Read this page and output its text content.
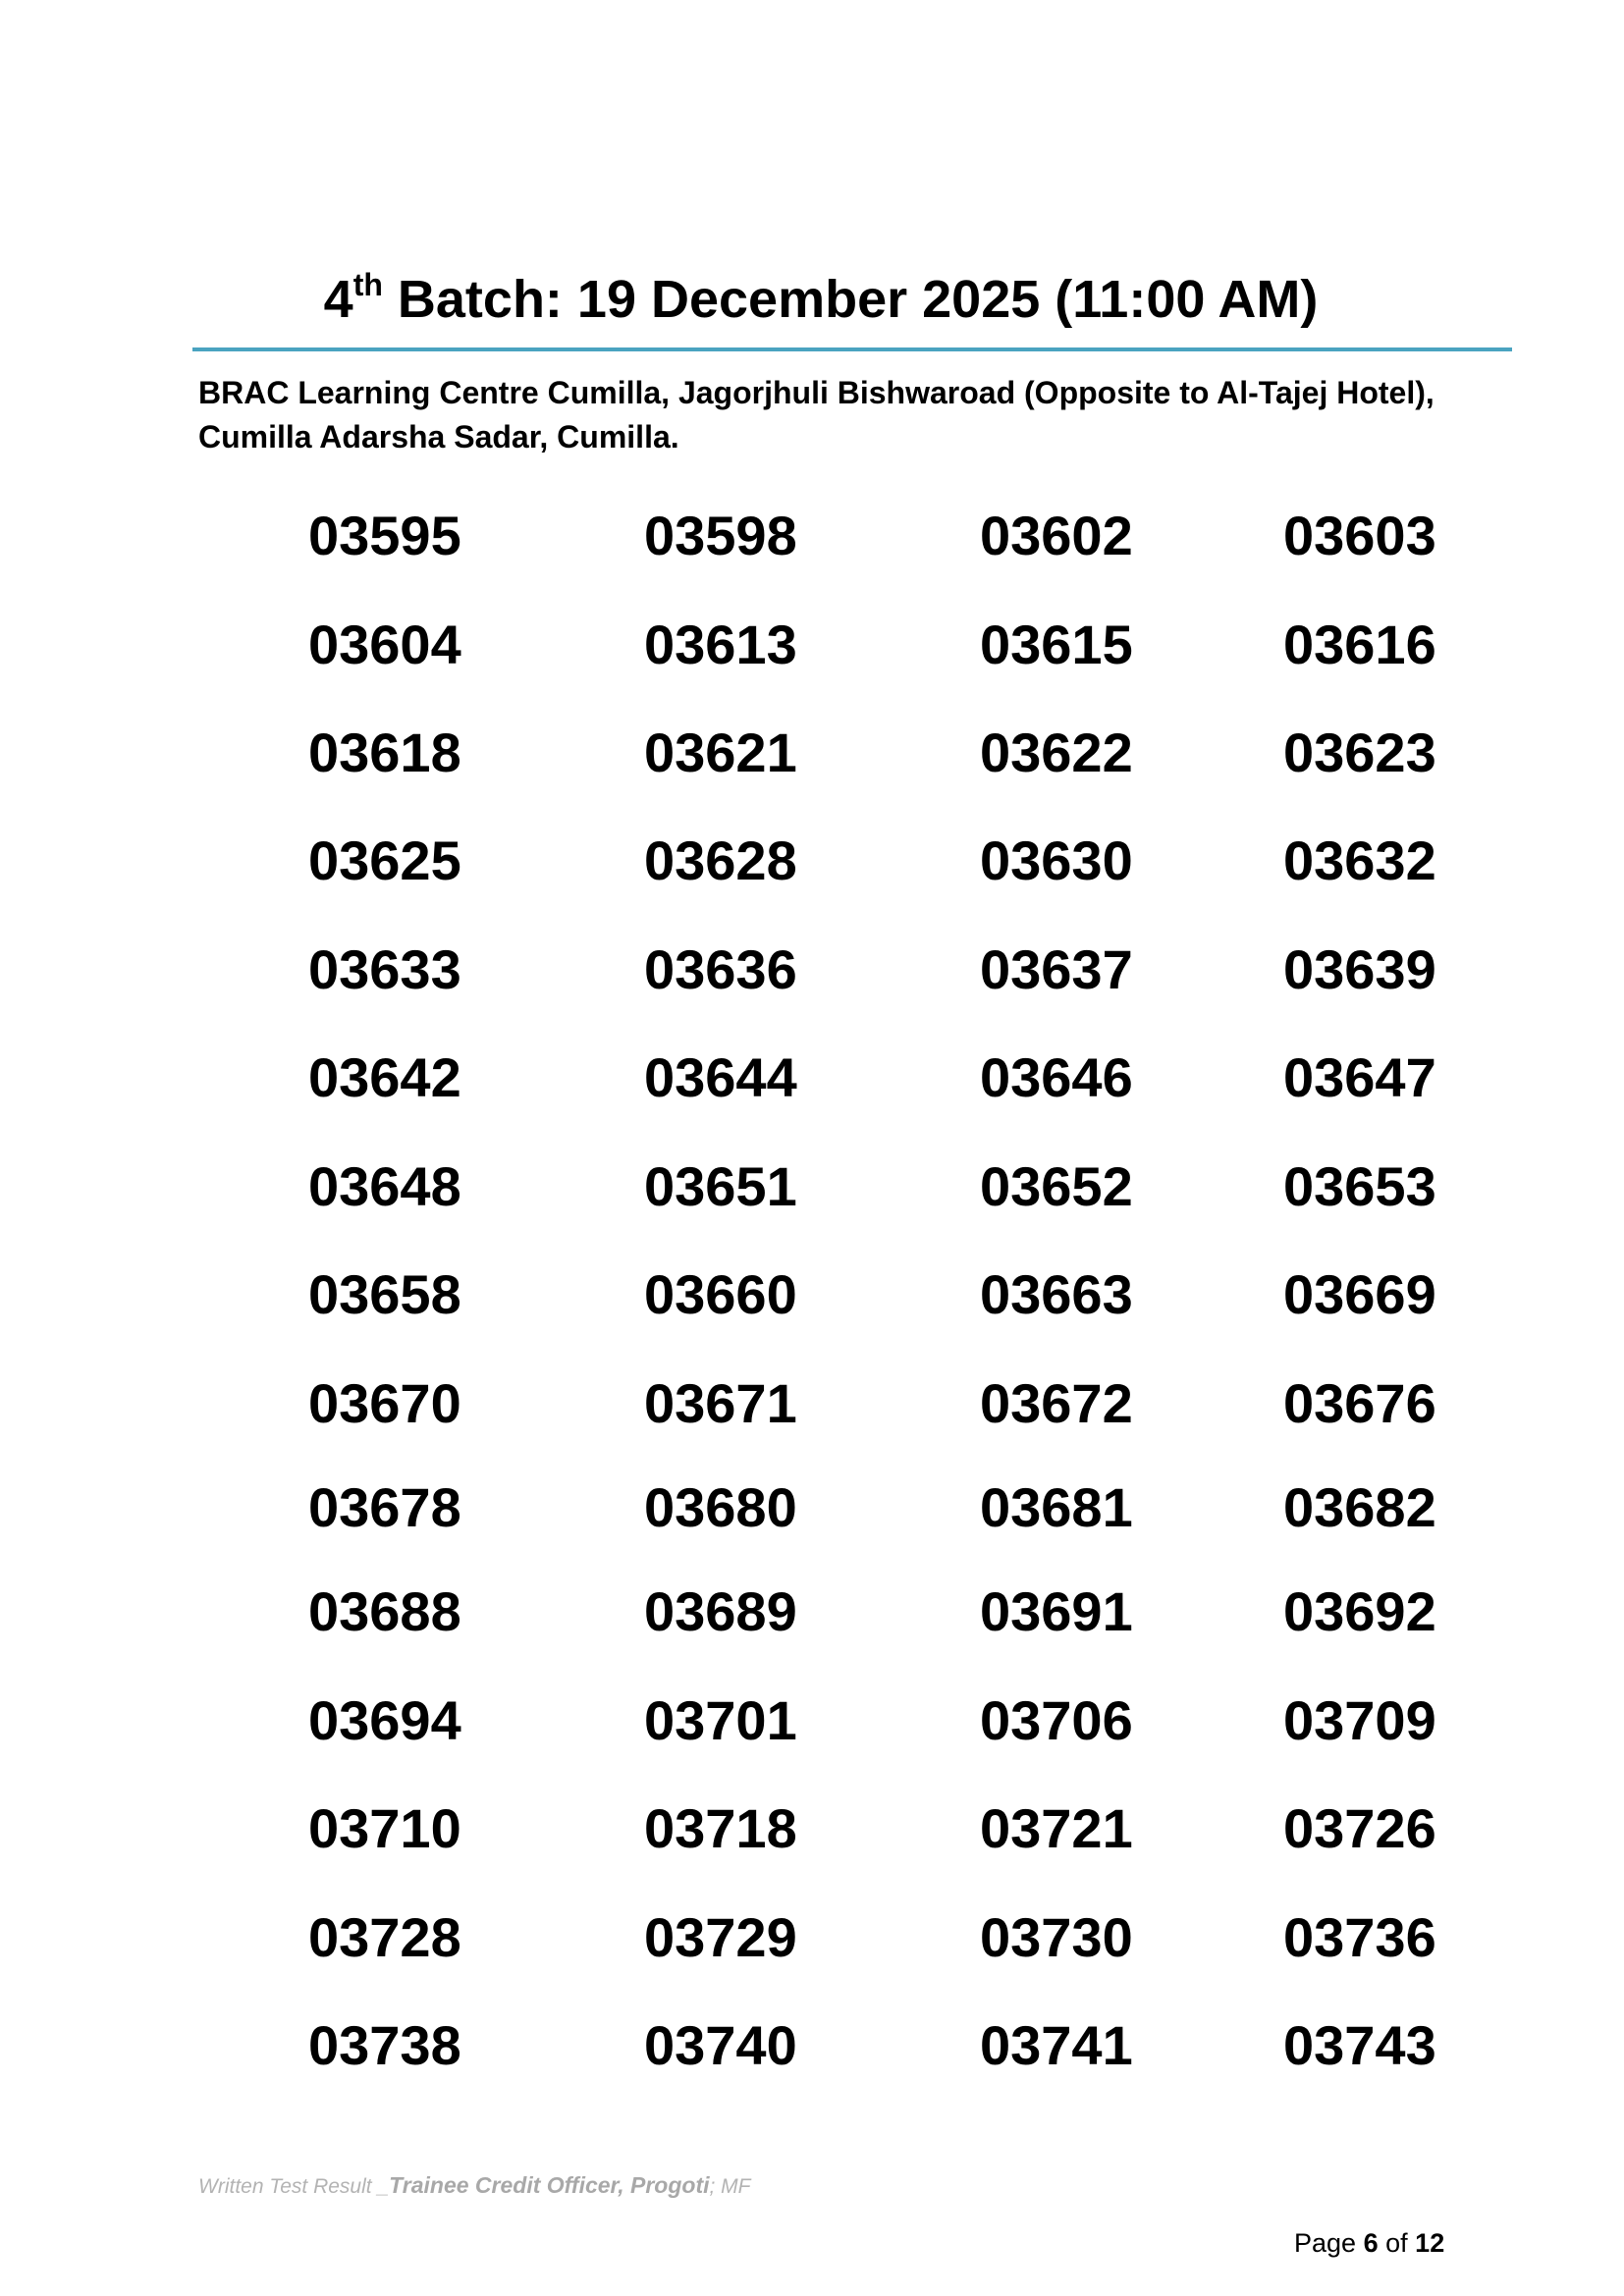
4th Batch: 19 December 2025 (11:00 AM)
BRAC Learning Centre Cumilla, Jagorjhuli Bishwaroad (Opposite to Al-Tajej Hotel), Cumilla Adarsha Sadar, Cumilla.
03595	03598	03602	03603
03604	03613	03615	03616
03618	03621	03622	03623
03625	03628	03630	03632
03633	03636	03637	03639
03642	03644	03646	03647
03648	03651	03652	03653
03658	03660	03663	03669
03670	03671	03672	03676
03678	03680	03681	03682
03688	03689	03691	03692
03694	03701	03706	03709
03710	03718	03721	03726
03728	03729	03730	03736
03738	03740	03741	03743
Written Test Result _Trainee Credit Officer, Progoti; MF
Page 6 of 12
